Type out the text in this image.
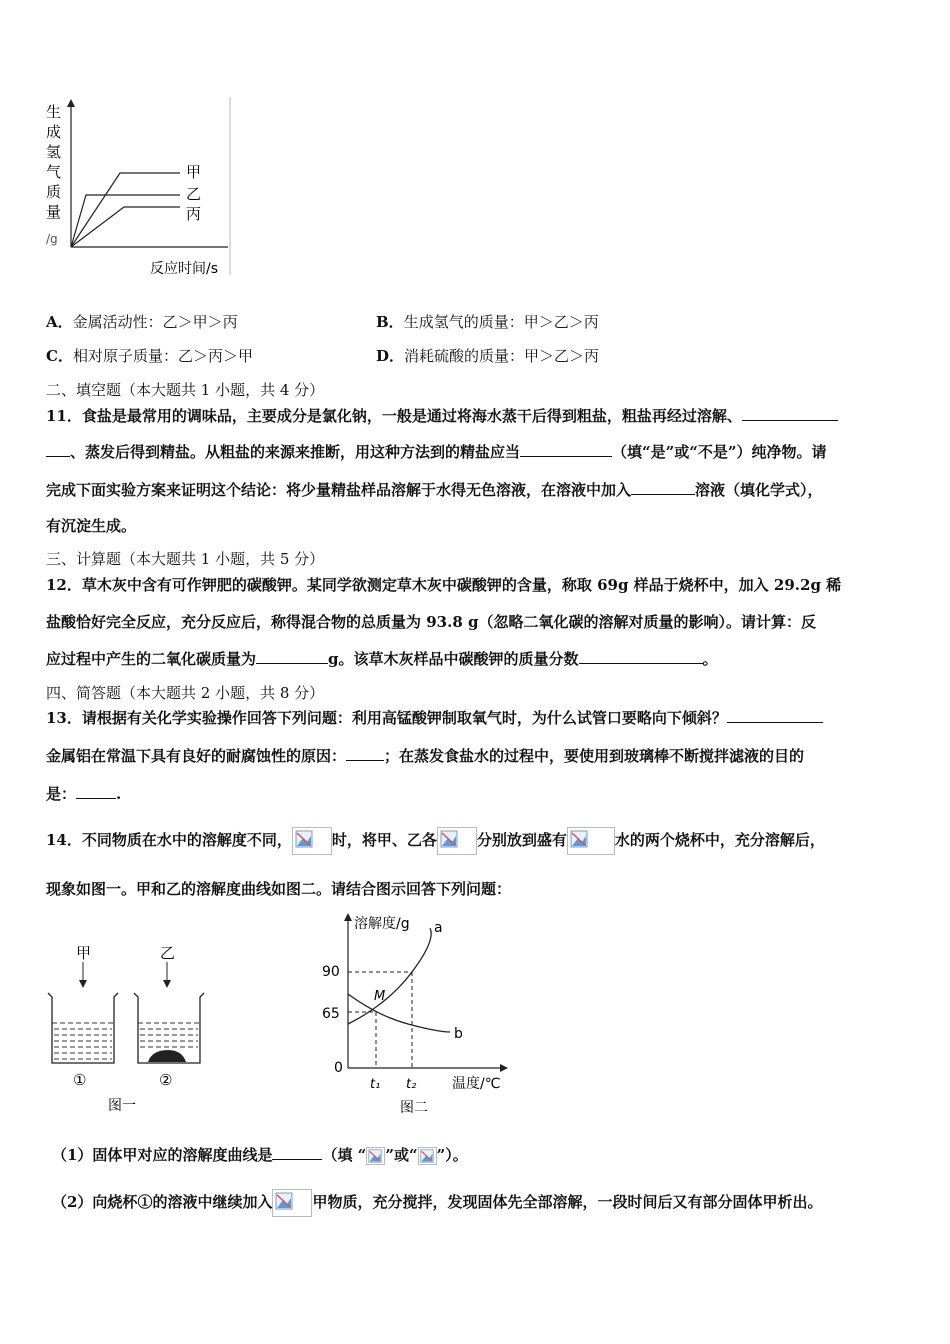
生
成
氢
气
质
量
/g
反应时间/s
甲
乙
丙
A．金属活动性：乙＞甲＞丙	B．生成氢气的质量：甲＞乙＞丙
C．相对原子质量：乙＞丙＞甲	D．消耗硫酸的质量：甲＞乙＞丙
二、填空题（本大题共 1 小题，共 4 分）
11．食盐是最常用的调味品，主要成分是氯化钠，一般是通过将海水蒸干后得到粗盐，粗盐再经过溶解、
、蒸发后得到精盐。从粗盐的来源来推断，用这种方法到的精盐应当	（填“是”或“不是”）纯净物。请
完成下面实验方案来证明这个结论：将少量精盐样品溶解于水得无色溶液，在溶液中加入	溶液（填化学式），
有沉淀生成。
三、计算题（本大题共 1 小题，共 5 分）
12．草木灰中含有可作钾肥的碳酸钾。某同学欲测定草木灰中碳酸钾的含量，称取 69g 样品于烧杯中，加入 29.2g 稀
盐酸恰好完全反应，充分反应后，称得混合物的总质量为 93.8 g（忽略二氧化碳的溶解对质量的影响）。请计算：反
应过程中产生的二氧化碳质量为	g。该草木灰样品中碳酸钾的质量分数	。
四、简答题（本大题共 2 小题，共 8 分）
13．请根据有关化学实验操作回答下列问题：利用高锰酸钾制取氧气时，为什么试管口要略向下倾斜？
金属铝在常温下具有良好的耐腐蚀性的原因：	；在蒸发食盐水的过程中，要使用到玻璃棒不断搅拌滤液的目的
是：	.
14．不同物质在水中的溶解度不同，	时，将甲、乙各	分别放到盛有	水的两个烧杯中，充分溶解后，
现象如图一。甲和乙的溶解度曲线如图二。请结合图示回答下列问题：
甲	乙
①	②
图一
溶解度/g
温度/℃
90
65
0
t₁ t₂
a
b
M
图二
（1）固体甲对应的溶解度曲线是	（填 “ ”或“ ”）。
（2）向烧杯①的溶液中继续加入	甲物质，充分搅拌，发现固体先全部溶解，一段时间后又有部分固体甲析出。
